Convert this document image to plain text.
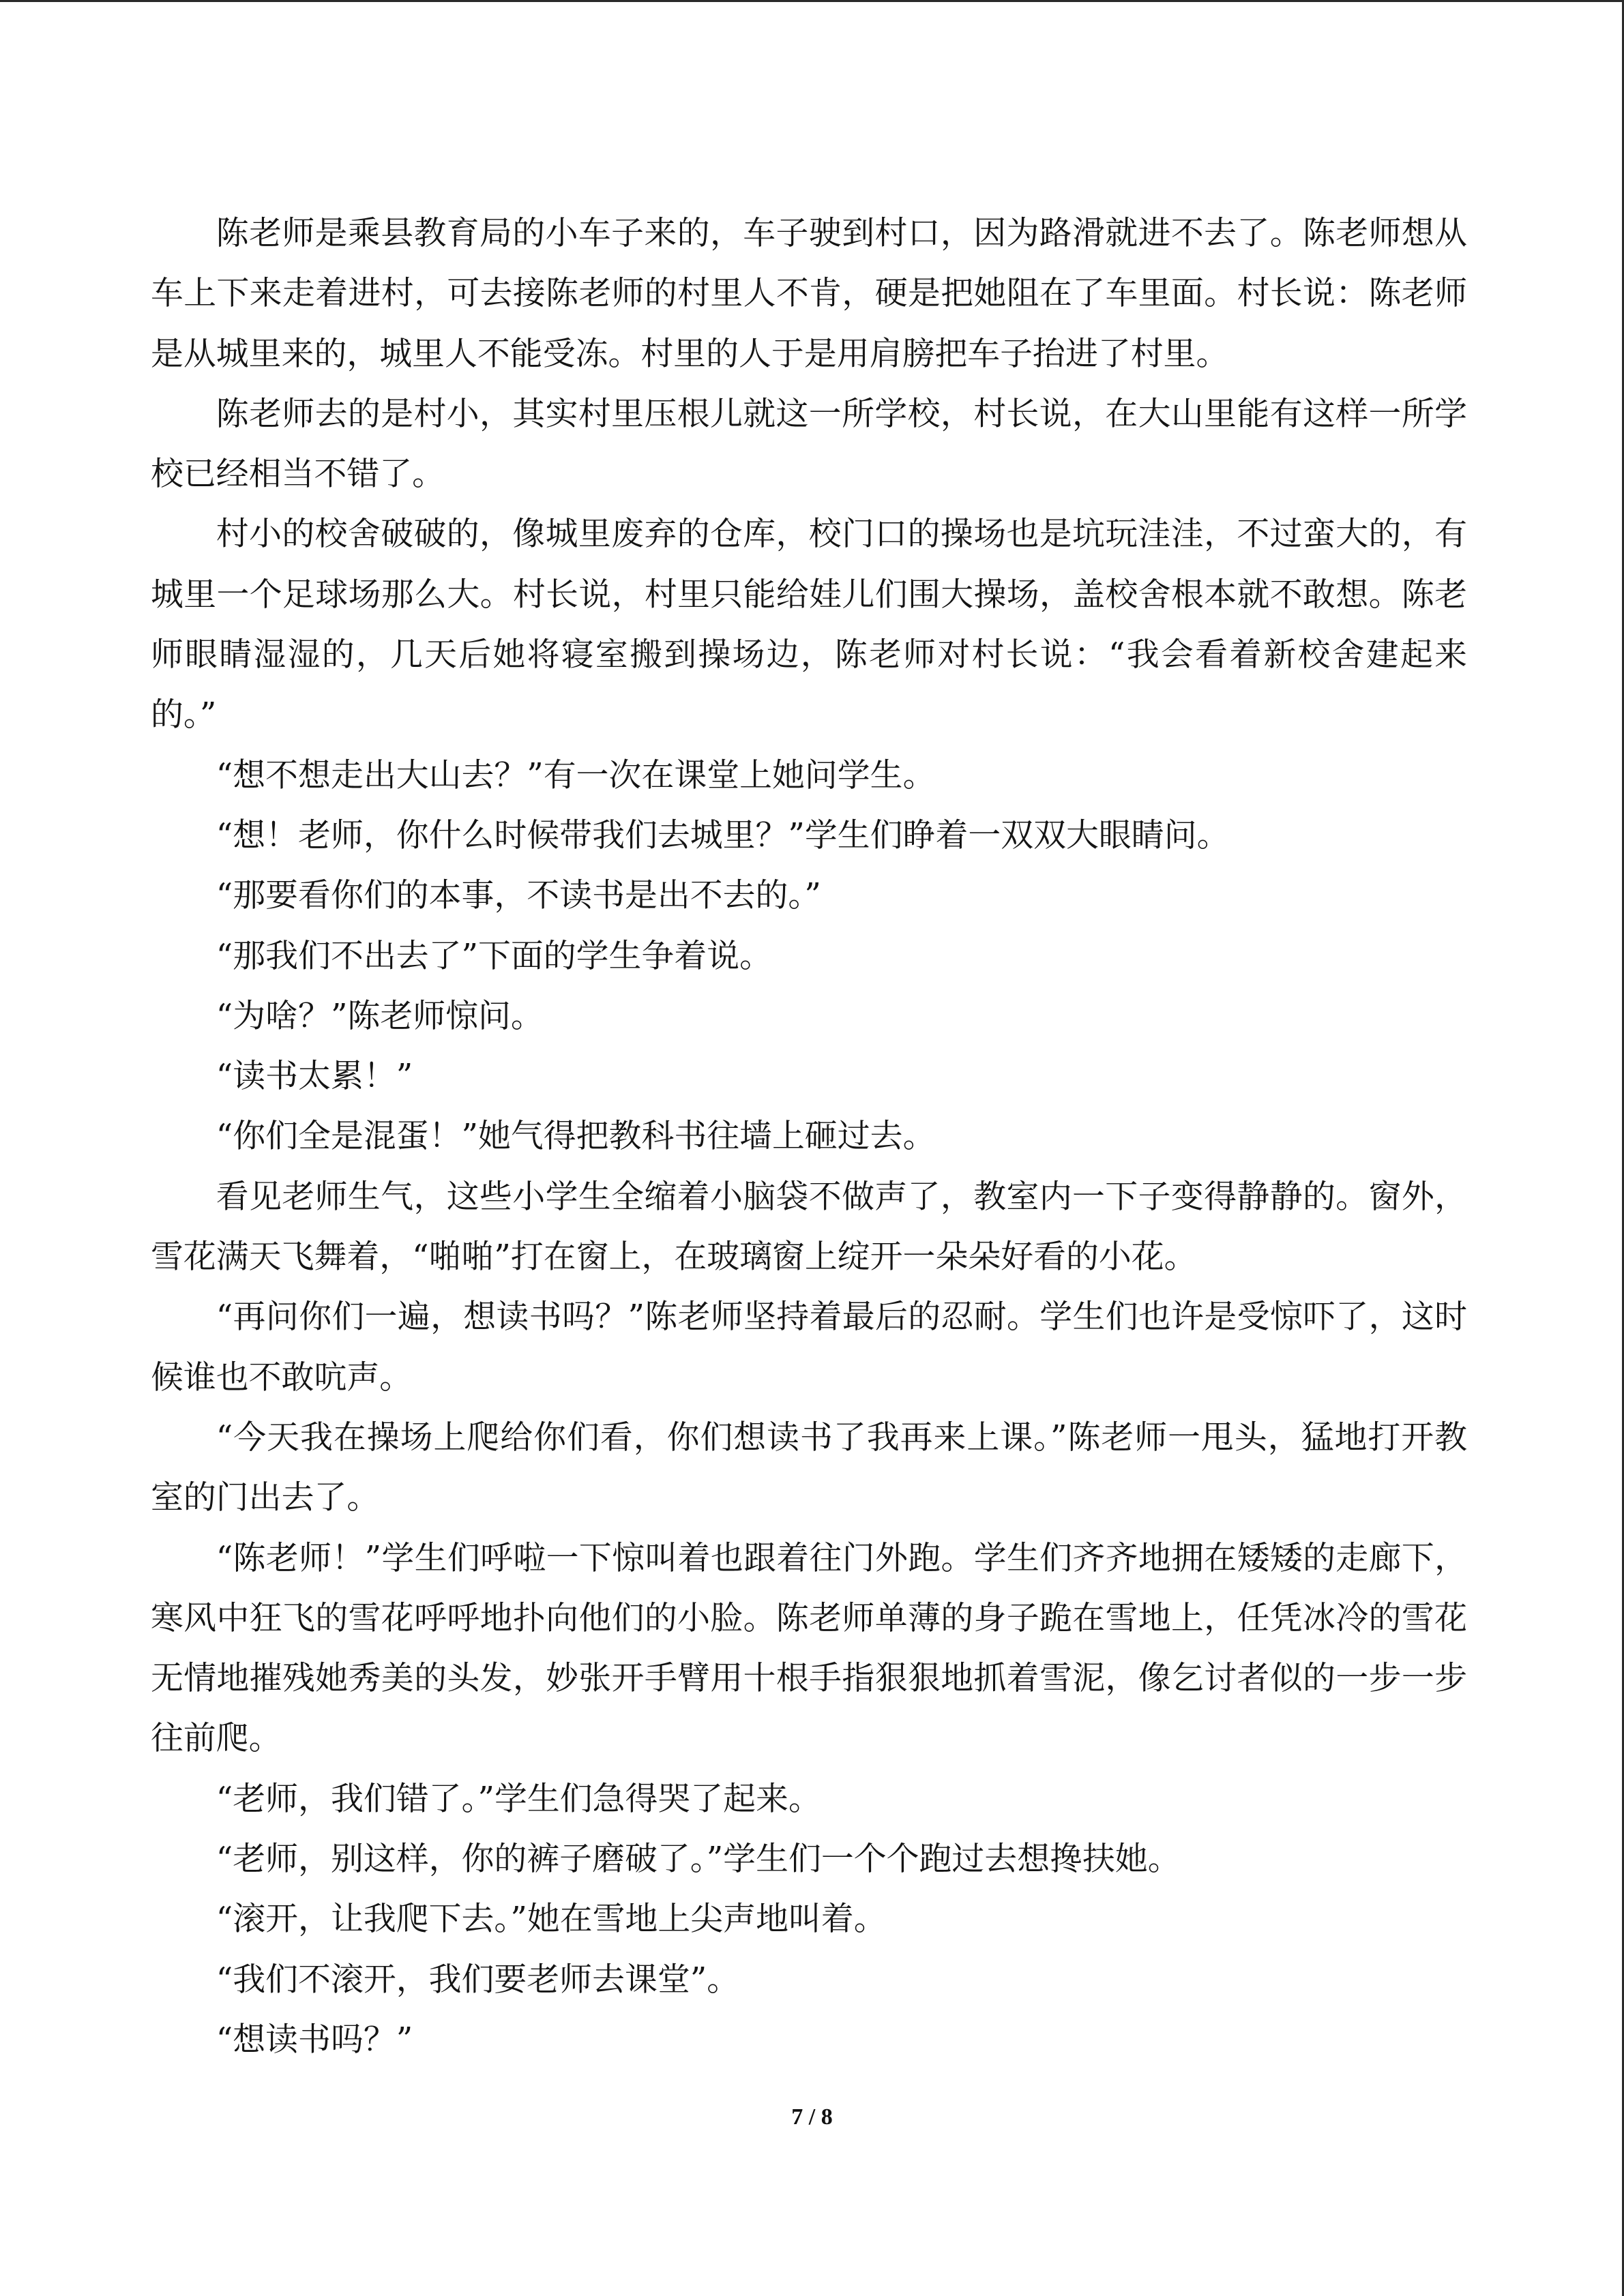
陈老师是乘县教育局的小车子来的，车子驶到村口，因为路滑就进不去了。陈老师想从车上下来走着进村，可去接陈老师的村里人不肯，硬是把她阻在了车里面。村长说：陈老师是从城里来的，城里人不能受冻。村里的人于是用肩膀把车子抬进了村里。

陈老师去的是村小，其实村里压根儿就这一所学校，村长说，在大山里能有这样一所学校已经相当不错了。

村小的校舍破破的，像城里废弃的仓库，校门口的操场也是坑玩洼洼，不过蛮大的，有城里一个足球场那么大。村长说，村里只能给娃儿们围大操场，盖校舍根本就不敢想。陈老师眼睛湿湿的，几天后她将寝室搬到操场边，陈老师对村长说：“我会看着新校舍建起来的。”

“想不想走出大山去？”有一次在课堂上她问学生。

“想！老师，你什么时候带我们去城里？”学生们睁着一双双大眼睛问。

“那要看你们的本事，不读书是出不去的。”

“那我们不出去了”下面的学生争着说。

“为啥？”陈老师惊问。

“读书太累！”

“你们全是混蛋！”她气得把教科书往墙上砸过去。

看见老师生气，这些小学生全缩着小脑袋不做声了，教室内一下子变得静静的。窗外，雪花满天飞舞着，“啪啪”打在窗上，在玻璃窗上绽开一朵朵好看的小花。

“再问你们一遍，想读书吗？”陈老师坚持着最后的忍耐。学生们也许是受惊吓了，这时候谁也不敢吭声。

“今天我在操场上爬给你们看，你们想读书了我再来上课。”陈老师一甩头，猛地打开教室的门出去了。

“陈老师！”学生们呼啦一下惊叫着也跟着往门外跑。学生们齐齐地拥在矮矮的走廊下，寒风中狂飞的雪花呼呼地扑向他们的小脸。陈老师单薄的身子跪在雪地上，任凭冰冷的雪花无情地摧残她秀美的头发，妙张开手臂用十根手指狠狠地抓着雪泥，像乞讨者似的一步一步往前爬。

“老师，我们错了。”学生们急得哭了起来。

“老师，别这样，你的裤子磨破了。”学生们一个个跑过去想搀扶她。

“滚开，让我爬下去。”她在雪地上尖声地叫着。

“我们不滚开，我们要老师去课堂”。

“想读书吗？”

7 / 8
